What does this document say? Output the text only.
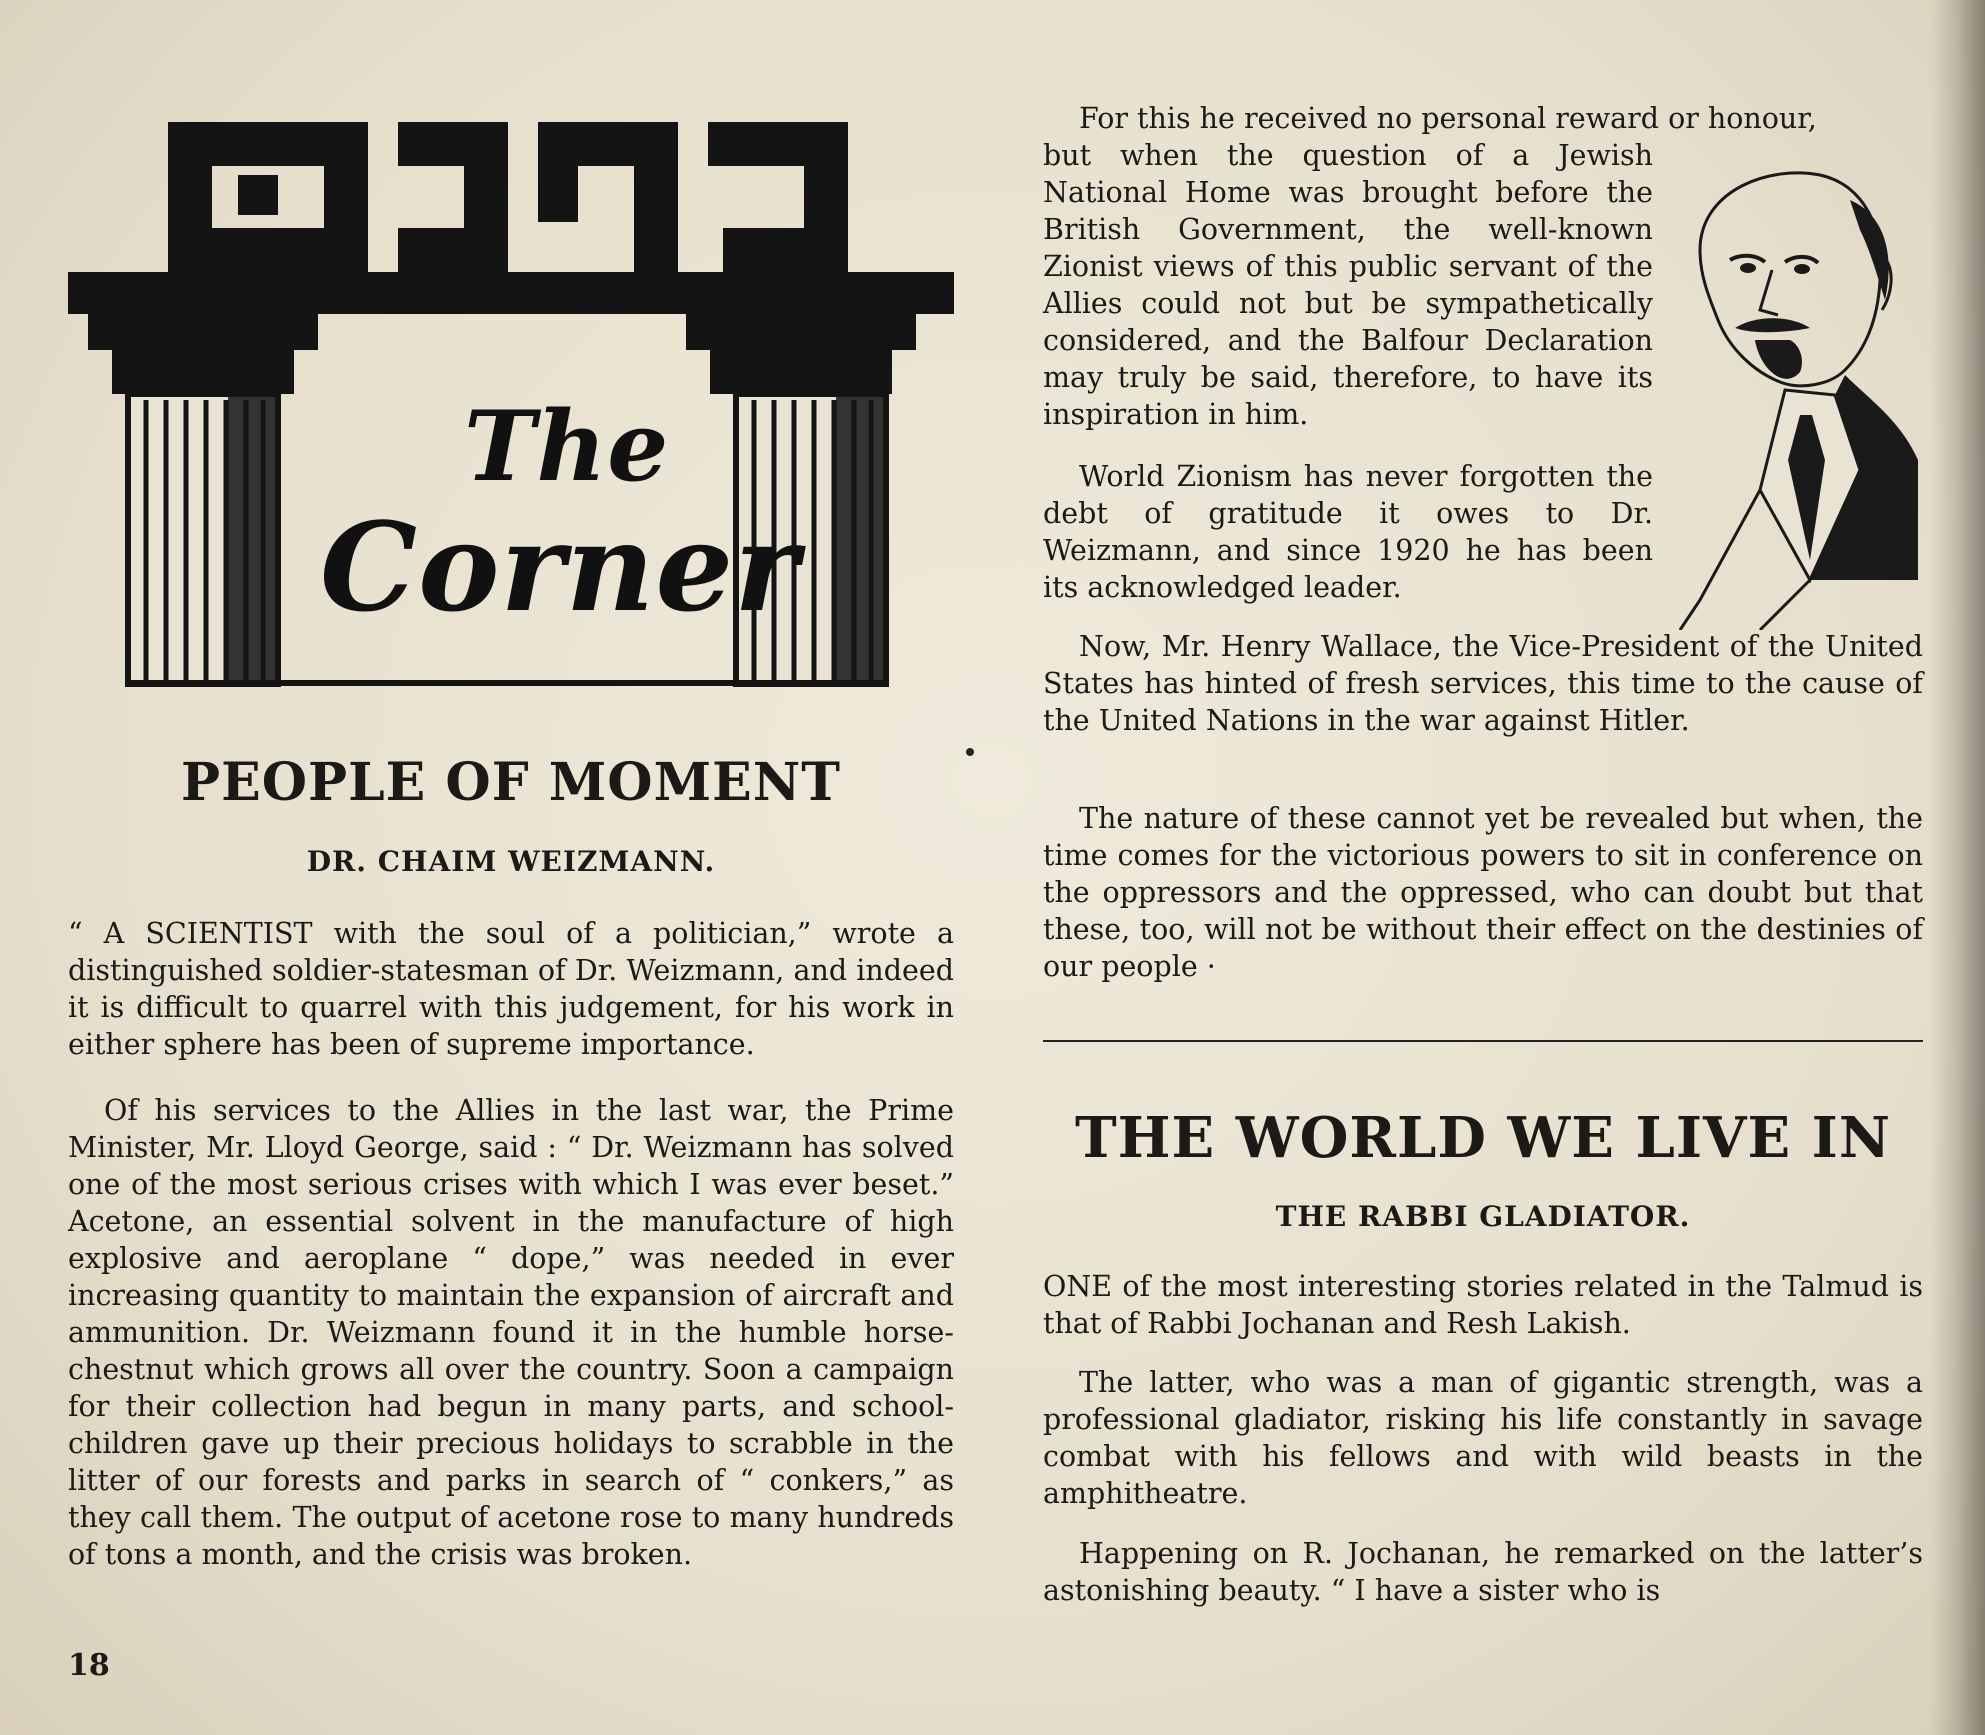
The
Corner
PEOPLE OF MOMENT
DR. CHAIM WEIZMANN.

“ A SCIENTIST with the soul of a politician,” wrote a distinguished soldier-statesman of Dr. Weizmann, and indeed it is difficult to quarrel with this judgement, for his work in either sphere has been of supreme importance.

Of his services to the Allies in the last war, the Prime Minister, Mr. Lloyd George, said : “ Dr. Weizmann has solved one of the most serious crises with which I was ever beset.” Acetone, an essential solvent in the manufacture of high explosive and aeroplane “ dope,” was needed in ever increasing quantity to maintain the expansion of aircraft and ammunition. Dr. Weizmann found it in the humble horse-chestnut which grows all over the country. Soon a campaign for their collection had begun in many parts, and school-children gave up their precious holidays to scrabble in the litter of our forests and parks in search of “ conkers,” as they call them. The output of acetone rose to many hundreds of tons a month, and the crisis was broken.

18

For this he received no personal reward or honour,

but when the question of a Jewish National Home was brought before the British Government, the well-known Zionist views of this public servant of the Allies could not but be sympathetically considered, and the Balfour Declaration may truly be said, therefore, to have its inspiration in him.

World Zionism has never forgotten the debt of gratitude it owes to Dr. Weizmann, and since 1920 he has been its acknowledged leader.

Now, Mr. Henry Wallace, the Vice-President of the United States has hinted of fresh services, this time to the cause of the United Nations in the war against Hitler.

The nature of these cannot yet be revealed but when, the time comes for the victorious powers to sit in conference on the oppressors and the oppressed, who can doubt but that these, too, will not be without their effect on the destinies of our people ·

THE WORLD WE LIVE IN
THE RABBI GLADIATOR.

ONE of the most interesting stories related in the Talmud is that of Rabbi Jochanan and Resh Lakish.

The latter, who was a man of gigantic strength, was a professional gladiator, risking his life constantly in savage combat with his fellows and with wild beasts in the amphitheatre.

Happening on R. Jochanan, he remarked on the latter’s astonishing beauty. “ I have a sister who is
